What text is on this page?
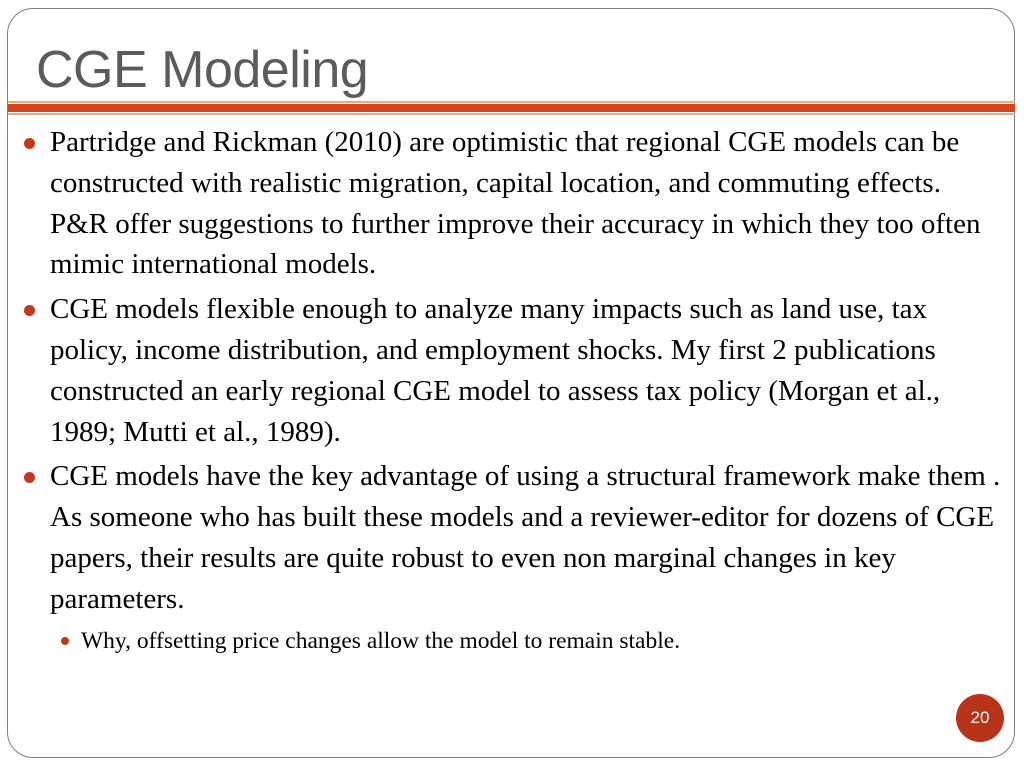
CGE Modeling
Partridge and Rickman (2010) are optimistic that regional CGE models can be constructed with realistic migration, capital location, and commuting effects. P&R offer suggestions to further improve their accuracy in which they too often mimic international models.
CGE models flexible enough to analyze many impacts such as land use, tax policy, income distribution, and employment shocks. My first 2 publications constructed an early regional CGE model to assess tax policy (Morgan et al., 1989; Mutti et al., 1989).
CGE models have the key advantage of using a structural framework make them . As someone who has built these models and a reviewer-editor for dozens of CGE papers, their results are quite robust to even non marginal changes in key parameters.
Why, offsetting price changes allow the model to remain stable.
20
